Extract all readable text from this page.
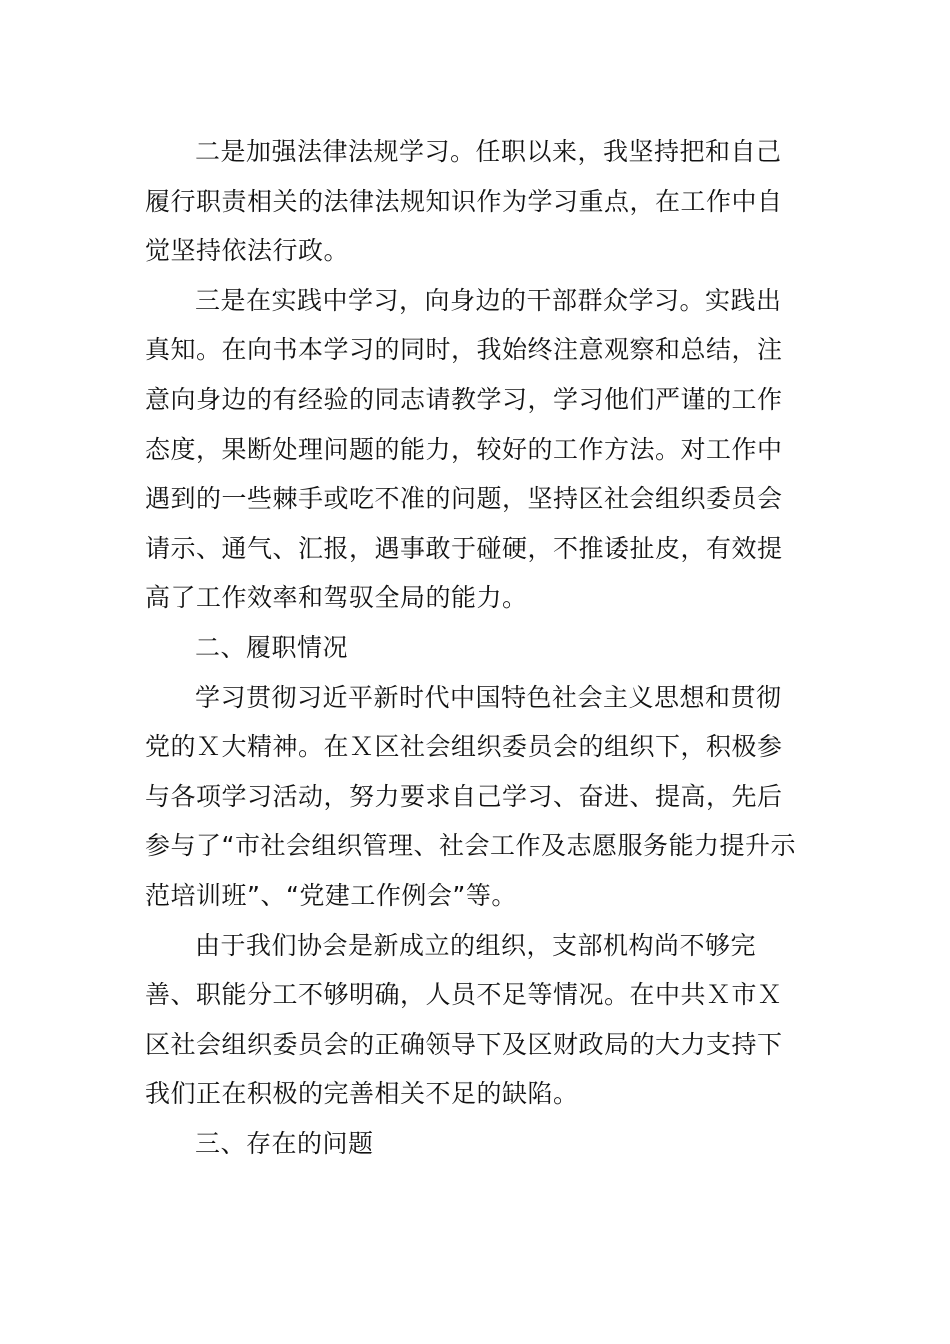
二是加强法律法规学习。任职以来，我坚持把和自己
履行职责相关的法律法规知识作为学习重点，在工作中自
觉坚持依法行政。
三是在实践中学习，向身边的干部群众学习。实践出
真知。在向书本学习的同时，我始终注意观察和总结，注
意向身边的有经验的同志请教学习，学习他们严谨的工作
态度，果断处理问题的能力，较好的工作方法。对工作中
遇到的一些棘手或吃不准的问题，坚持区社会组织委员会
请示、通气、汇报，遇事敢于碰硬，不推诿扯皮，有效提
高了工作效率和驾驭全局的能力。
二、履职情况
学习贯彻习近平新时代中国特色社会主义思想和贯彻
党的Ｘ大精神。在Ｘ区社会组织委员会的组织下，积极参
与各项学习活动，努力要求自己学习、奋进、提高，先后
参与了“市社会组织管理、社会工作及志愿服务能力提升示
范培训班”、“党建工作例会”等。
由于我们协会是新成立的组织，支部机构尚不够完
善、职能分工不够明确，人员不足等情况。在中共Ｘ市Ｘ
区社会组织委员会的正确领导下及区财政局的大力支持下
我们正在积极的完善相关不足的缺陷。
三、存在的问题
